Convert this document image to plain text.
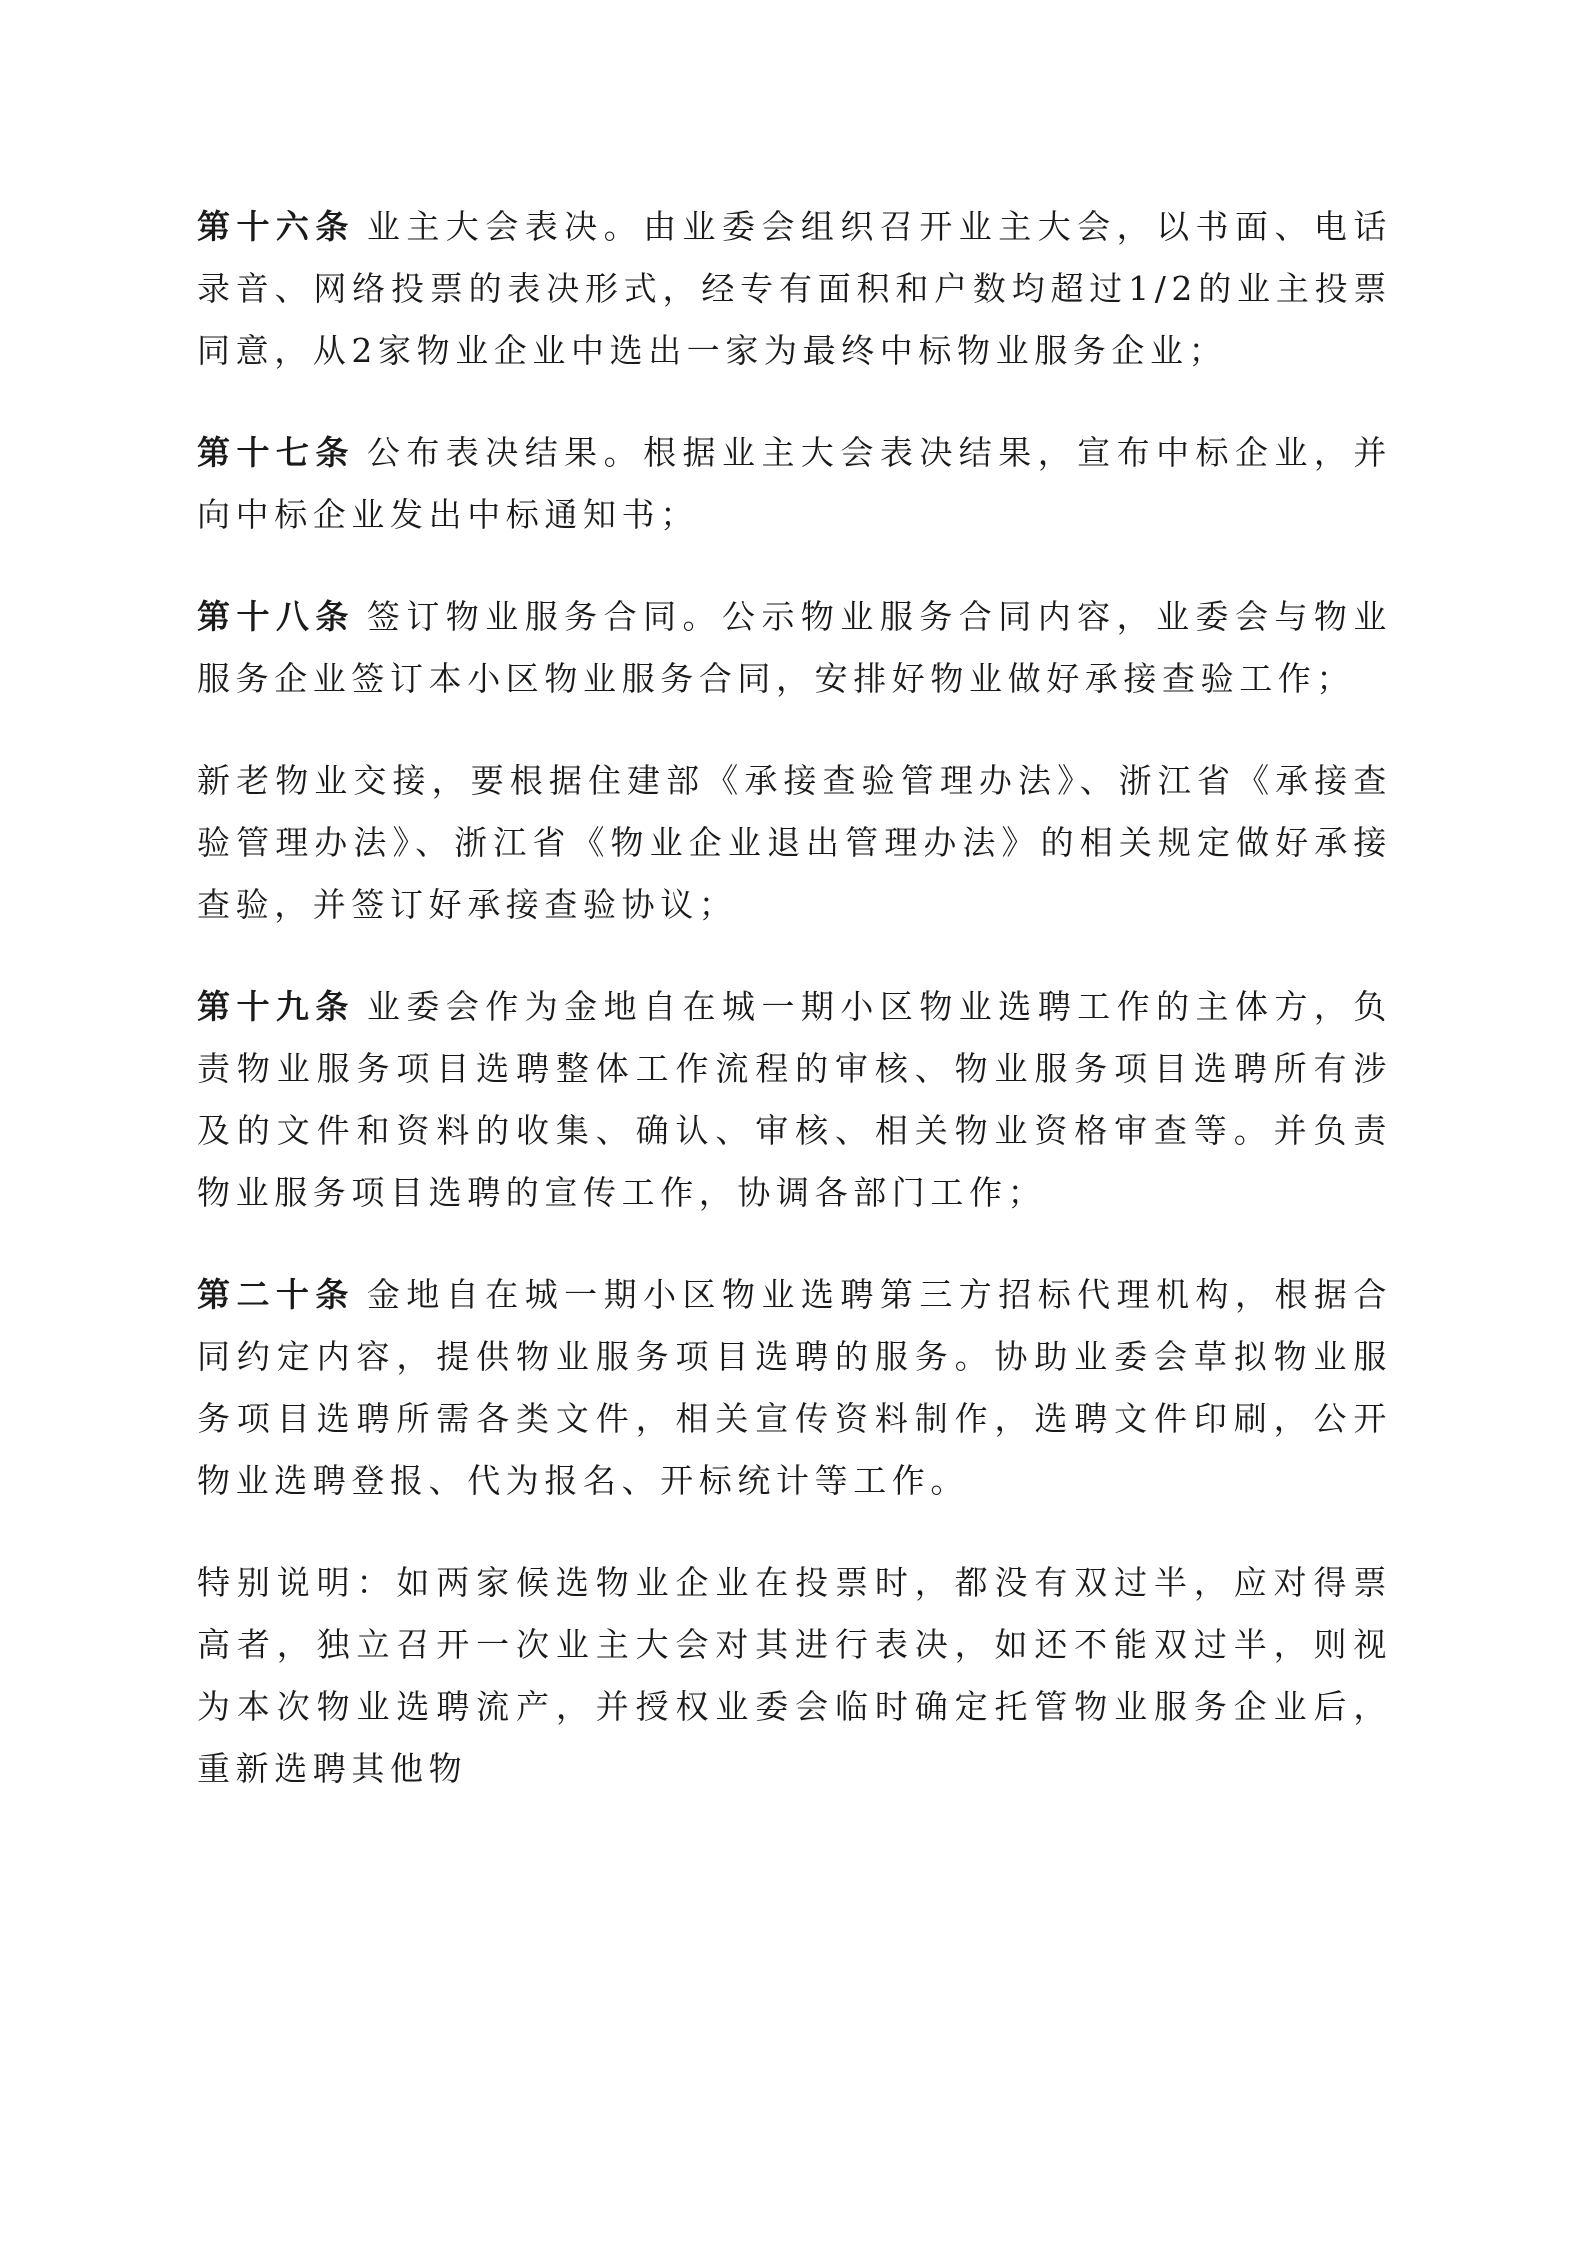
第十六条 业主大会表决。由业委会组织召开业主大会，以书面、电话录音、网络投票的表决形式，经专有面积和户数均超过1/2的业主投票同意，从2家物业企业中选出一家为最终中标物业服务企业；

第十七条 公布表决结果。根据业主大会表决结果，宣布中标企业，并向中标企业发出中标通知书；

第十八条 签订物业服务合同。公示物业服务合同内容，业委会与物业服务企业签订本小区物业服务合同，安排好物业做好承接查验工作；

新老物业交接，要根据住建部《承接查验管理办法》、浙江省《承接查验管理办法》、浙江省《物业企业退出管理办法》的相关规定做好承接查验，并签订好承接查验协议；

第十九条 业委会作为金地自在城一期小区物业选聘工作的主体方，负责物业服务项目选聘整体工作流程的审核、物业服务项目选聘所有涉及的文件和资料的收集、确认、审核、相关物业资格审查等。并负责物业服务项目选聘的宣传工作，协调各部门工作；

第二十条 金地自在城一期小区物业选聘第三方招标代理机构，根据合同约定内容，提供物业服务项目选聘的服务。协助业委会草拟物业服务项目选聘所需各类文件，相关宣传资料制作，选聘文件印刷，公开物业选聘登报、代为报名、开标统计等工作。

特别说明：如两家候选物业企业在投票时，都没有双过半，应对得票高者，独立召开一次业主大会对其进行表决，如还不能双过半，则视为本次物业选聘流产，并授权业委会临时确定托管物业服务企业后，重新选聘其他物
